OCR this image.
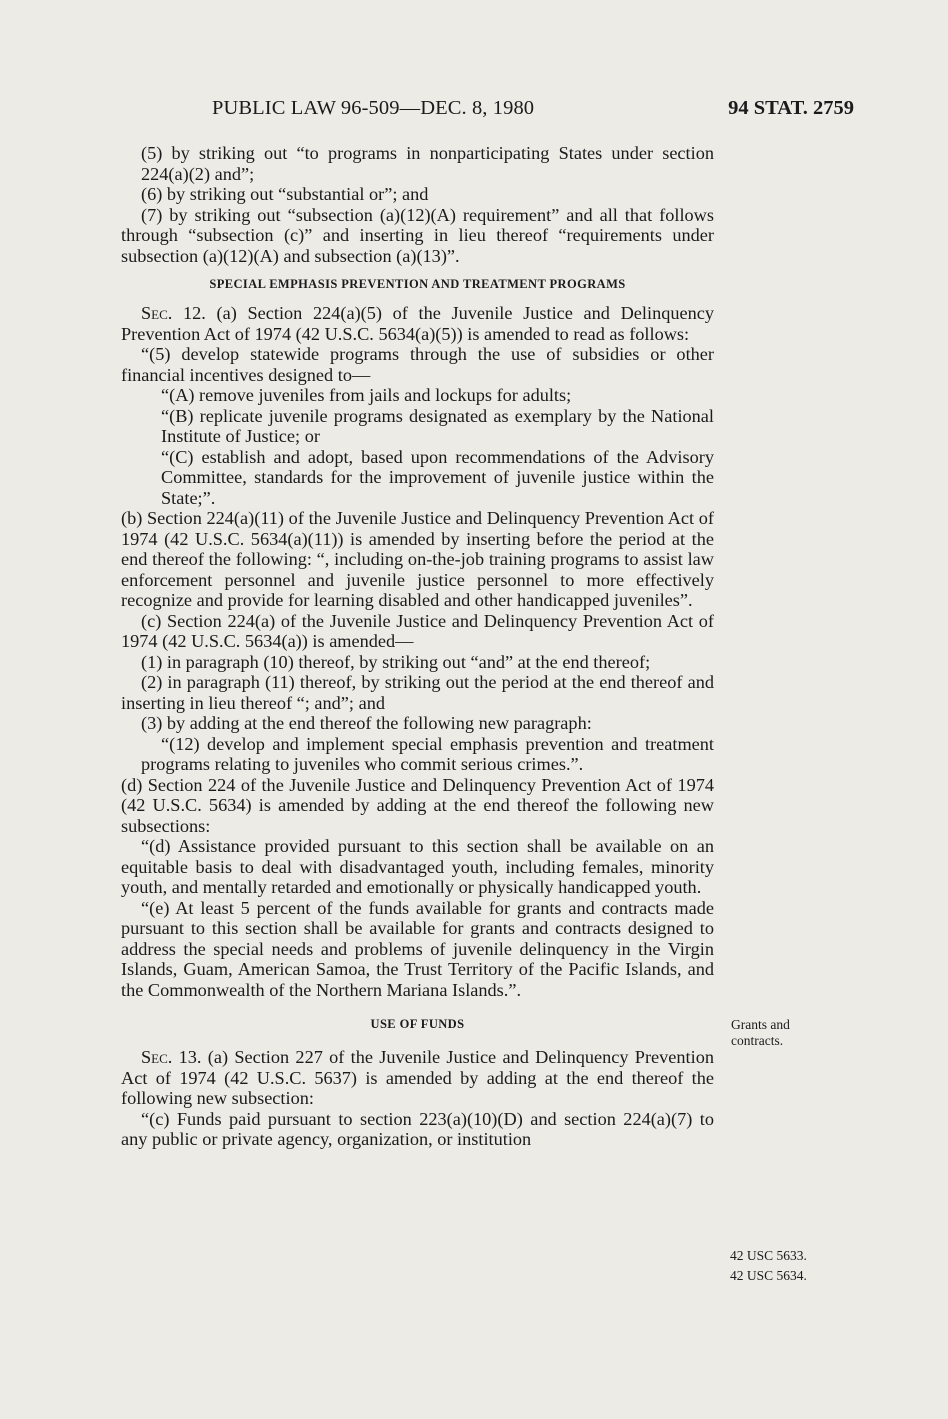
PUBLIC LAW 96-509—DEC. 8, 1980	94 STAT. 2759

(5) by striking out “to programs in nonparticipating States under section 224(a)(2) and”;

(6) by striking out “substantial or”; and

(7) by striking out “subsection (a)(12)(A) requirement” and all that follows through “subsection (c)” and inserting in lieu thereof “requirements under subsection (a)(12)(A) and subsection (a)(13)”.

SPECIAL EMPHASIS PREVENTION AND TREATMENT PROGRAMS

Sec. 12. (a) Section 224(a)(5) of the Juvenile Justice and Delinquency Prevention Act of 1974 (42 U.S.C. 5634(a)(5)) is amended to read as follows:

“(5) develop statewide programs through the use of subsidies or other financial incentives designed to—

“(A) remove juveniles from jails and lockups for adults;

“(B) replicate juvenile programs designated as exemplary by the National Institute of Justice; or

“(C) establish and adopt, based upon recommendations of the Advisory Committee, standards for the improvement of juvenile justice within the State;”.

(b) Section 224(a)(11) of the Juvenile Justice and Delinquency Prevention Act of 1974 (42 U.S.C. 5634(a)(11)) is amended by inserting before the period at the end thereof the following: “, including on-the-job training programs to assist law enforcement personnel and juvenile justice personnel to more effectively recognize and provide for learning disabled and other handicapped juveniles”.

(c) Section 224(a) of the Juvenile Justice and Delinquency Prevention Act of 1974 (42 U.S.C. 5634(a)) is amended—

(1) in paragraph (10) thereof, by striking out “and” at the end thereof;

(2) in paragraph (11) thereof, by striking out the period at the end thereof and inserting in lieu thereof “; and”; and

(3) by adding at the end thereof the following new paragraph:

“(12) develop and implement special emphasis prevention and treatment programs relating to juveniles who commit serious crimes.”.

(d) Section 224 of the Juvenile Justice and Delinquency Prevention Act of 1974 (42 U.S.C. 5634) is amended by adding at the end thereof the following new subsections:

“(d) Assistance provided pursuant to this section shall be available on an equitable basis to deal with disadvantaged youth, including females, minority youth, and mentally retarded and emotionally or physically handicapped youth.

“(e) At least 5 percent of the funds available for grants and contracts made pursuant to this section shall be available for grants and contracts designed to address the special needs and problems of juvenile delinquency in the Virgin Islands, Guam, American Samoa, the Trust Territory of the Pacific Islands, and the Commonwealth of the Northern Mariana Islands.”.

USE OF FUNDS

Sec. 13. (a) Section 227 of the Juvenile Justice and Delinquency Prevention Act of 1974 (42 U.S.C. 5637) is amended by adding at the end thereof the following new subsection:

“(c) Funds paid pursuant to section 223(a)(10)(D) and section 224(a)(7) to any public or private agency, organization, or institution

Grants and contracts.
42 USC 5633.
42 USC 5634.
